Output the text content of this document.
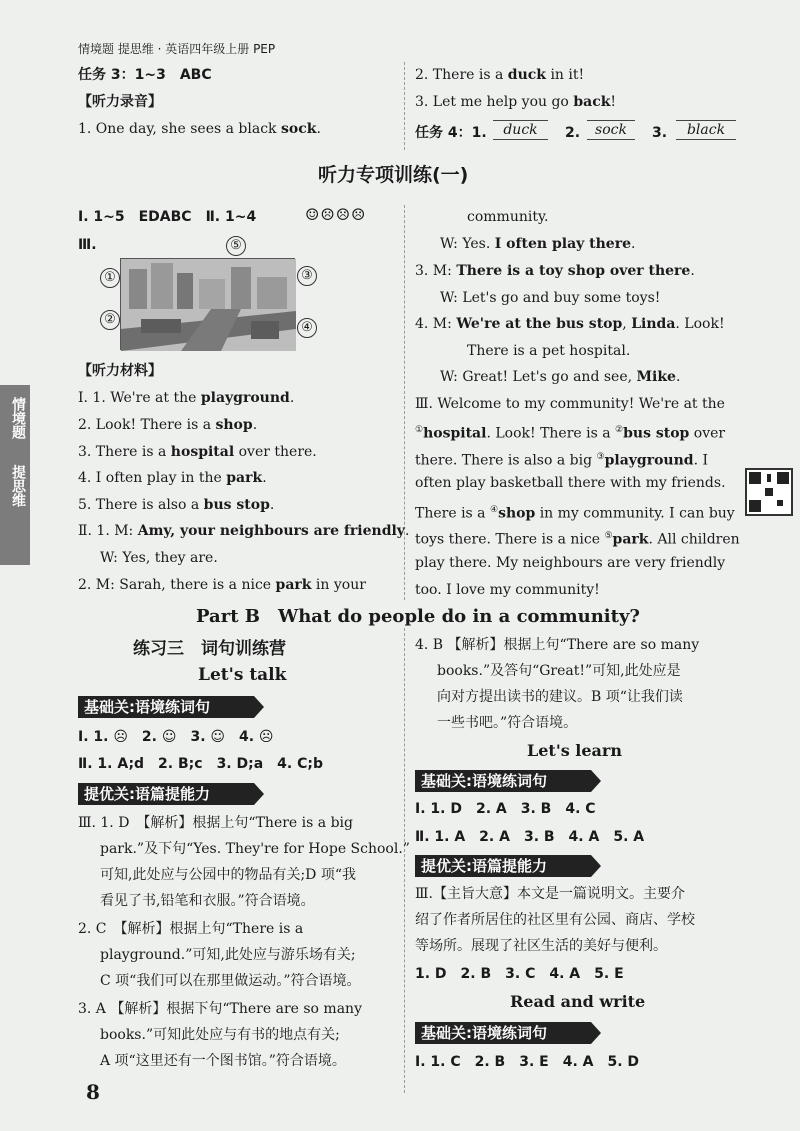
情境题 提思维 · 英语四年级上册 PEP
情境题
提思维
任务 3：1~3　ABC
【听力录音】
1. One day, she sees a black sock.
2. There is a duck in it!
3. Let me help you go back!
任务 4：1.	duck	2.	sock	3.	black
听力专项训练(一)
Ⅰ. 1~5　EDABC　Ⅱ. 1~4	☺☹☹☹
Ⅲ.
①
②
③
④
⑤
【听力材料】
Ⅰ. 1. We're at the playground.
2. Look! There is a shop.
3. There is a hospital over there.
4. I often play in the park.
5. There is also a bus stop.
Ⅱ. 1. M: Amy, your neighbours are friendly.
W: Yes, they are.
2. M: Sarah, there is a nice park in your
community.
W: Yes. I often play there.
3. M: There is a toy shop over there.
W: Let's go and buy some toys!
4. M: We're at the bus stop, Linda. Look!
There is a pet hospital.
W: Great! Let's go and see, Mike.
Ⅲ. Welcome to my community! We're at the
①hospital. Look! There is a ②bus stop over
there. There is also a big ③playground. I
often play basketball there with my friends.
There is a ④shop in my community. I can buy
toys there. There is a nice ⑤park. All children
play there. My neighbours are very friendly
too. I love my community!
Part B　What do people do in a community?
练习三　词句训练营
Let's talk
基础关:语境练词句
Ⅰ. 1. ☹　2. ☺　3. ☺　4. ☹
Ⅱ. 1. A;d　2. B;c　3. D;a　4. C;b
提优关:语篇提能力
Ⅲ. 1. D　【解析】根据上句“There is a big
park.”及下句“Yes. They're for Hope School.”
可知,此处应与公园中的物品有关;D 项“我
看见了书,铅笔和衣服。”符合语境。
2. C　【解析】根据上句“There is a
playground.”可知,此处应与游乐场有关;
C 项“我们可以在那里做运动。”符合语境。
3. A 【解析】根据下句“There are so many
books.”可知此处应与有书的地点有关;
A 项“这里还有一个图书馆。”符合语境。
8
4. B 【解析】根据上句“There are so many
books.”及答句“Great!”可知,此处应是
向对方提出读书的建议。B 项“让我们读
一些书吧。”符合语境。
Let's learn
基础关:语境练词句
Ⅰ. 1. D　2. A　3. B　4. C
Ⅱ. 1. A　2. A　3. B　4. A　5. A
提优关:语篇提能力
Ⅲ.【主旨大意】本文是一篇说明文。主要介
绍了作者所居住的社区里有公园、商店、学校
等场所。展现了社区生活的美好与便利。
1. D　2. B　3. C　4. A　5. E
Read and write
基础关:语境练词句
Ⅰ. 1. C　2. B　3. E　4. A　5. D
